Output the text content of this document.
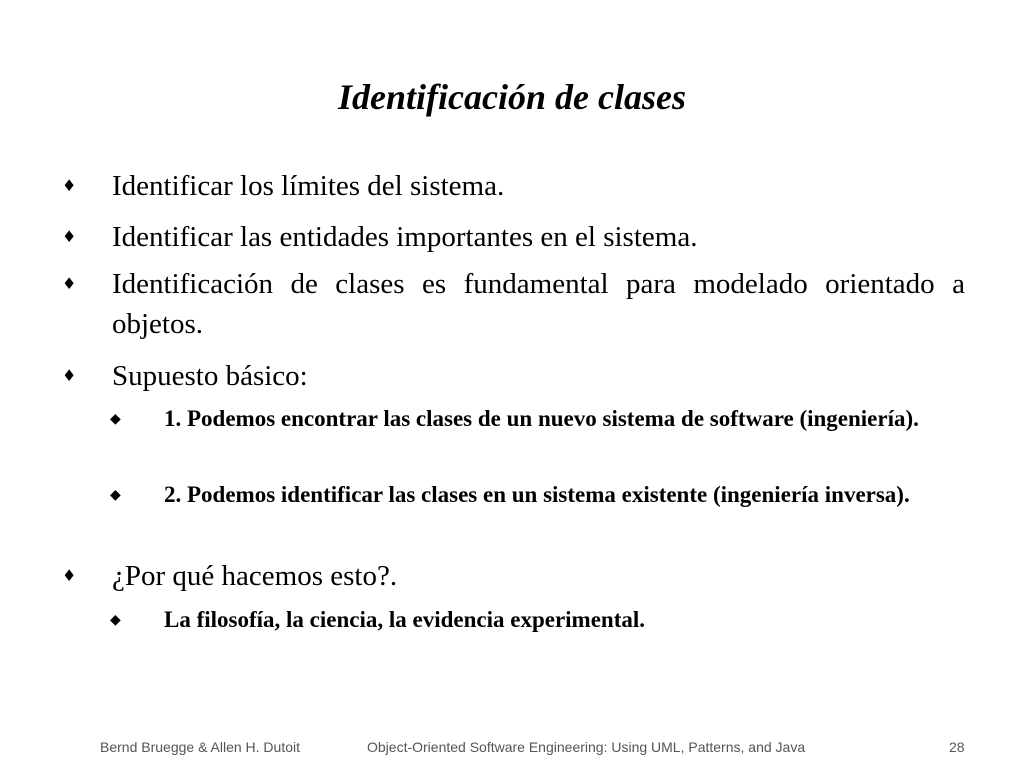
Identificación de clases
♦ Identificar los límites del sistema.
♦ Identificar las entidades importantes en el sistema.
♦ Identificación de clases es fundamental para modelado orientado a objetos.
♦ Supuesto básico:
◆ 1. Podemos encontrar las clases de un nuevo sistema de software (ingeniería).
◆ 2. Podemos identificar las clases en un sistema existente (ingeniería inversa).
♦ ¿Por qué hacemos esto?.
◆ La filosofía, la ciencia, la evidencia experimental.
Bernd Bruegge & Allen H. Dutoit	Object-Oriented Software Engineering: Using UML, Patterns, and Java	28
